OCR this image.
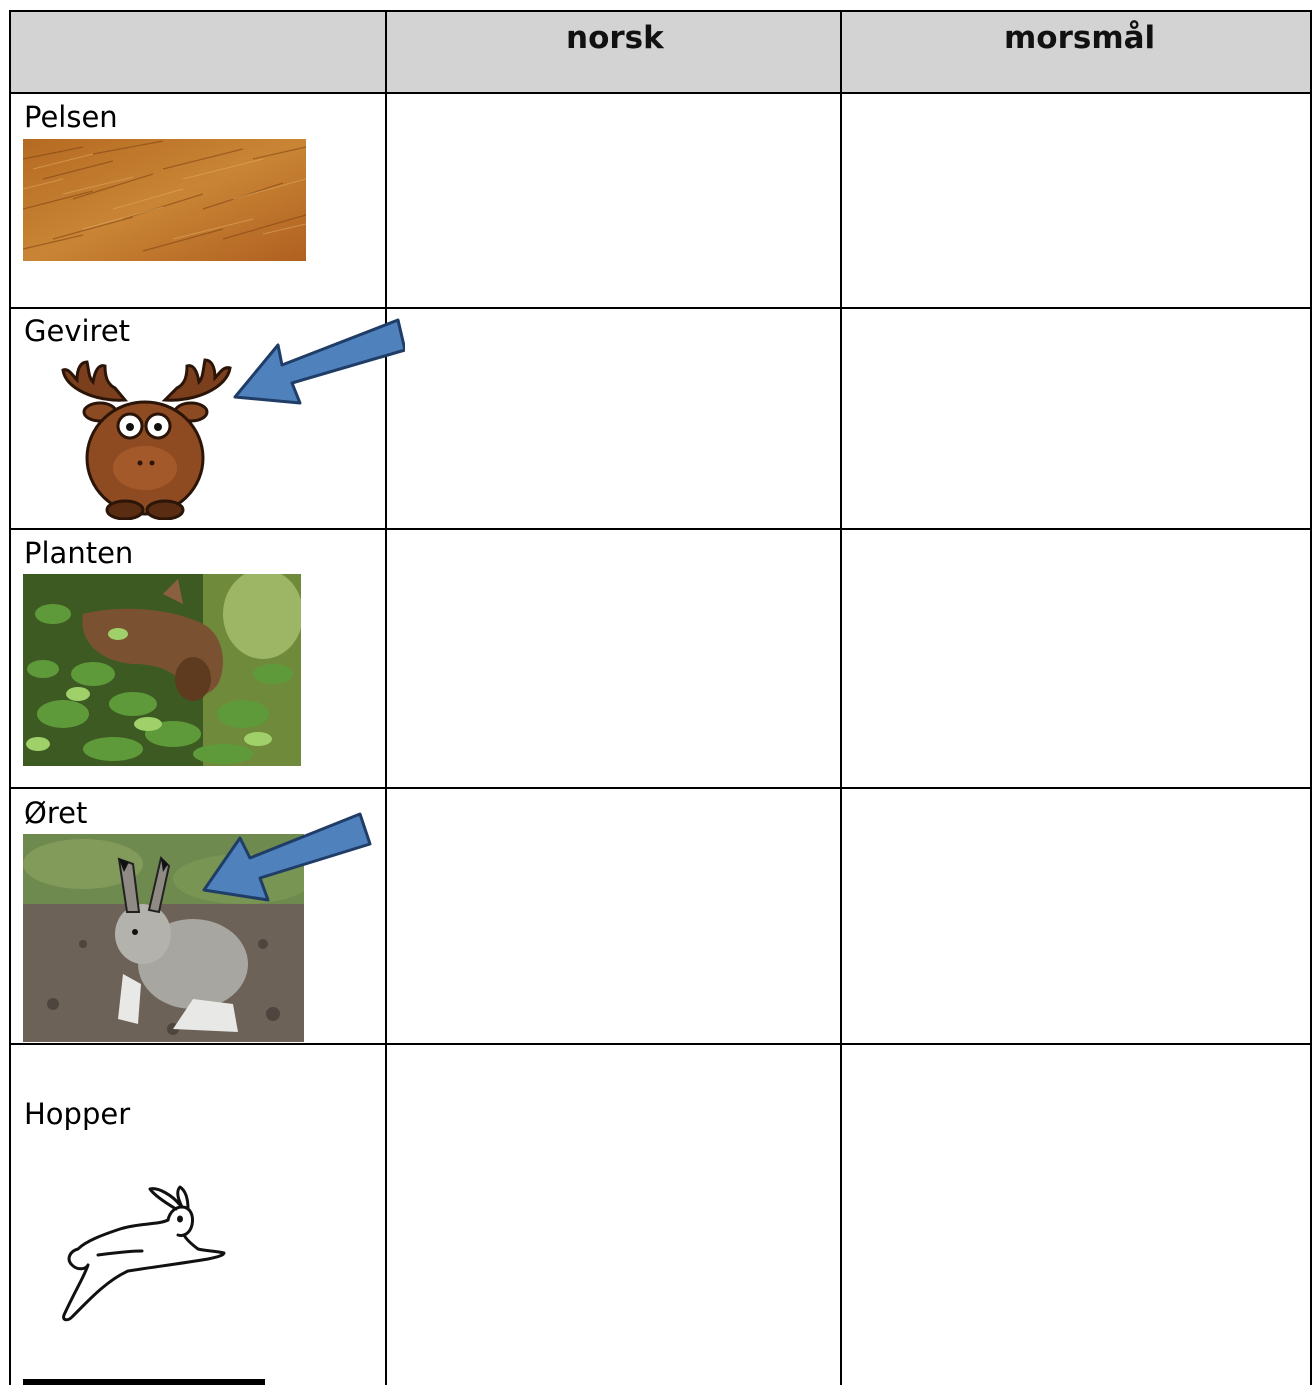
norsk	morsmål
Pelsen
Geviret
Planten
Øret
Hopper
